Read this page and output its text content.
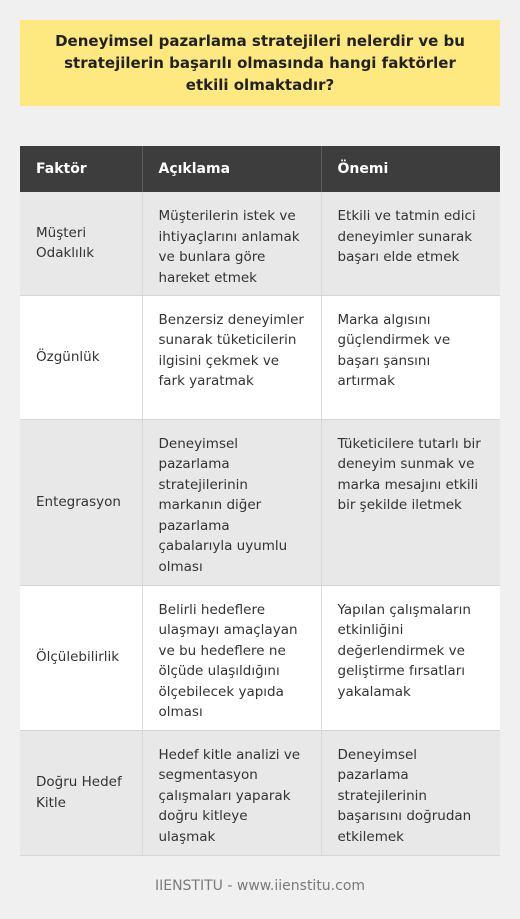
Deneyimsel pazarlama stratejileri nelerdir ve bu stratejilerin başarılı olmasında hangi faktörler etkili olmaktadır?
Faktör	Açıklama	Önemi
Müşteri Odaklılık	Müşterilerin istek ve ihtiyaçlarını anlamak ve bunlara göre hareket etmek	Etkili ve tatmin edici deneyimler sunarak başarı elde etmek
Özgünlük	Benzersiz deneyimler sunarak tüketicilerin ilgisini çekmek ve fark yaratmak	Marka algısını güçlendirmek ve başarı şansını artırmak
Entegrasyon	Deneyimsel pazarlama stratejilerinin markanın diğer pazarlama çabalarıyla uyumlu olması	Tüketicilere tutarlı bir deneyim sunmak ve marka mesajını etkili bir şekilde iletmek
Ölçülebilirlik	Belirli hedeflere ulaşmayı amaçlayan ve bu hedeflere ne ölçüde ulaşıldığını ölçebilecek yapıda olması	Yapılan çalışmaların etkinliğini değerlendirmek ve geliştirme fırsatları yakalamak
Doğru Hedef Kitle	Hedef kitle analizi ve segmentasyon çalışmaları yaparak doğru kitleye ulaşmak	Deneyimsel pazarlama stratejilerinin başarısını doğrudan etkilemek
IIENSTITU - www.iienstitu.com
